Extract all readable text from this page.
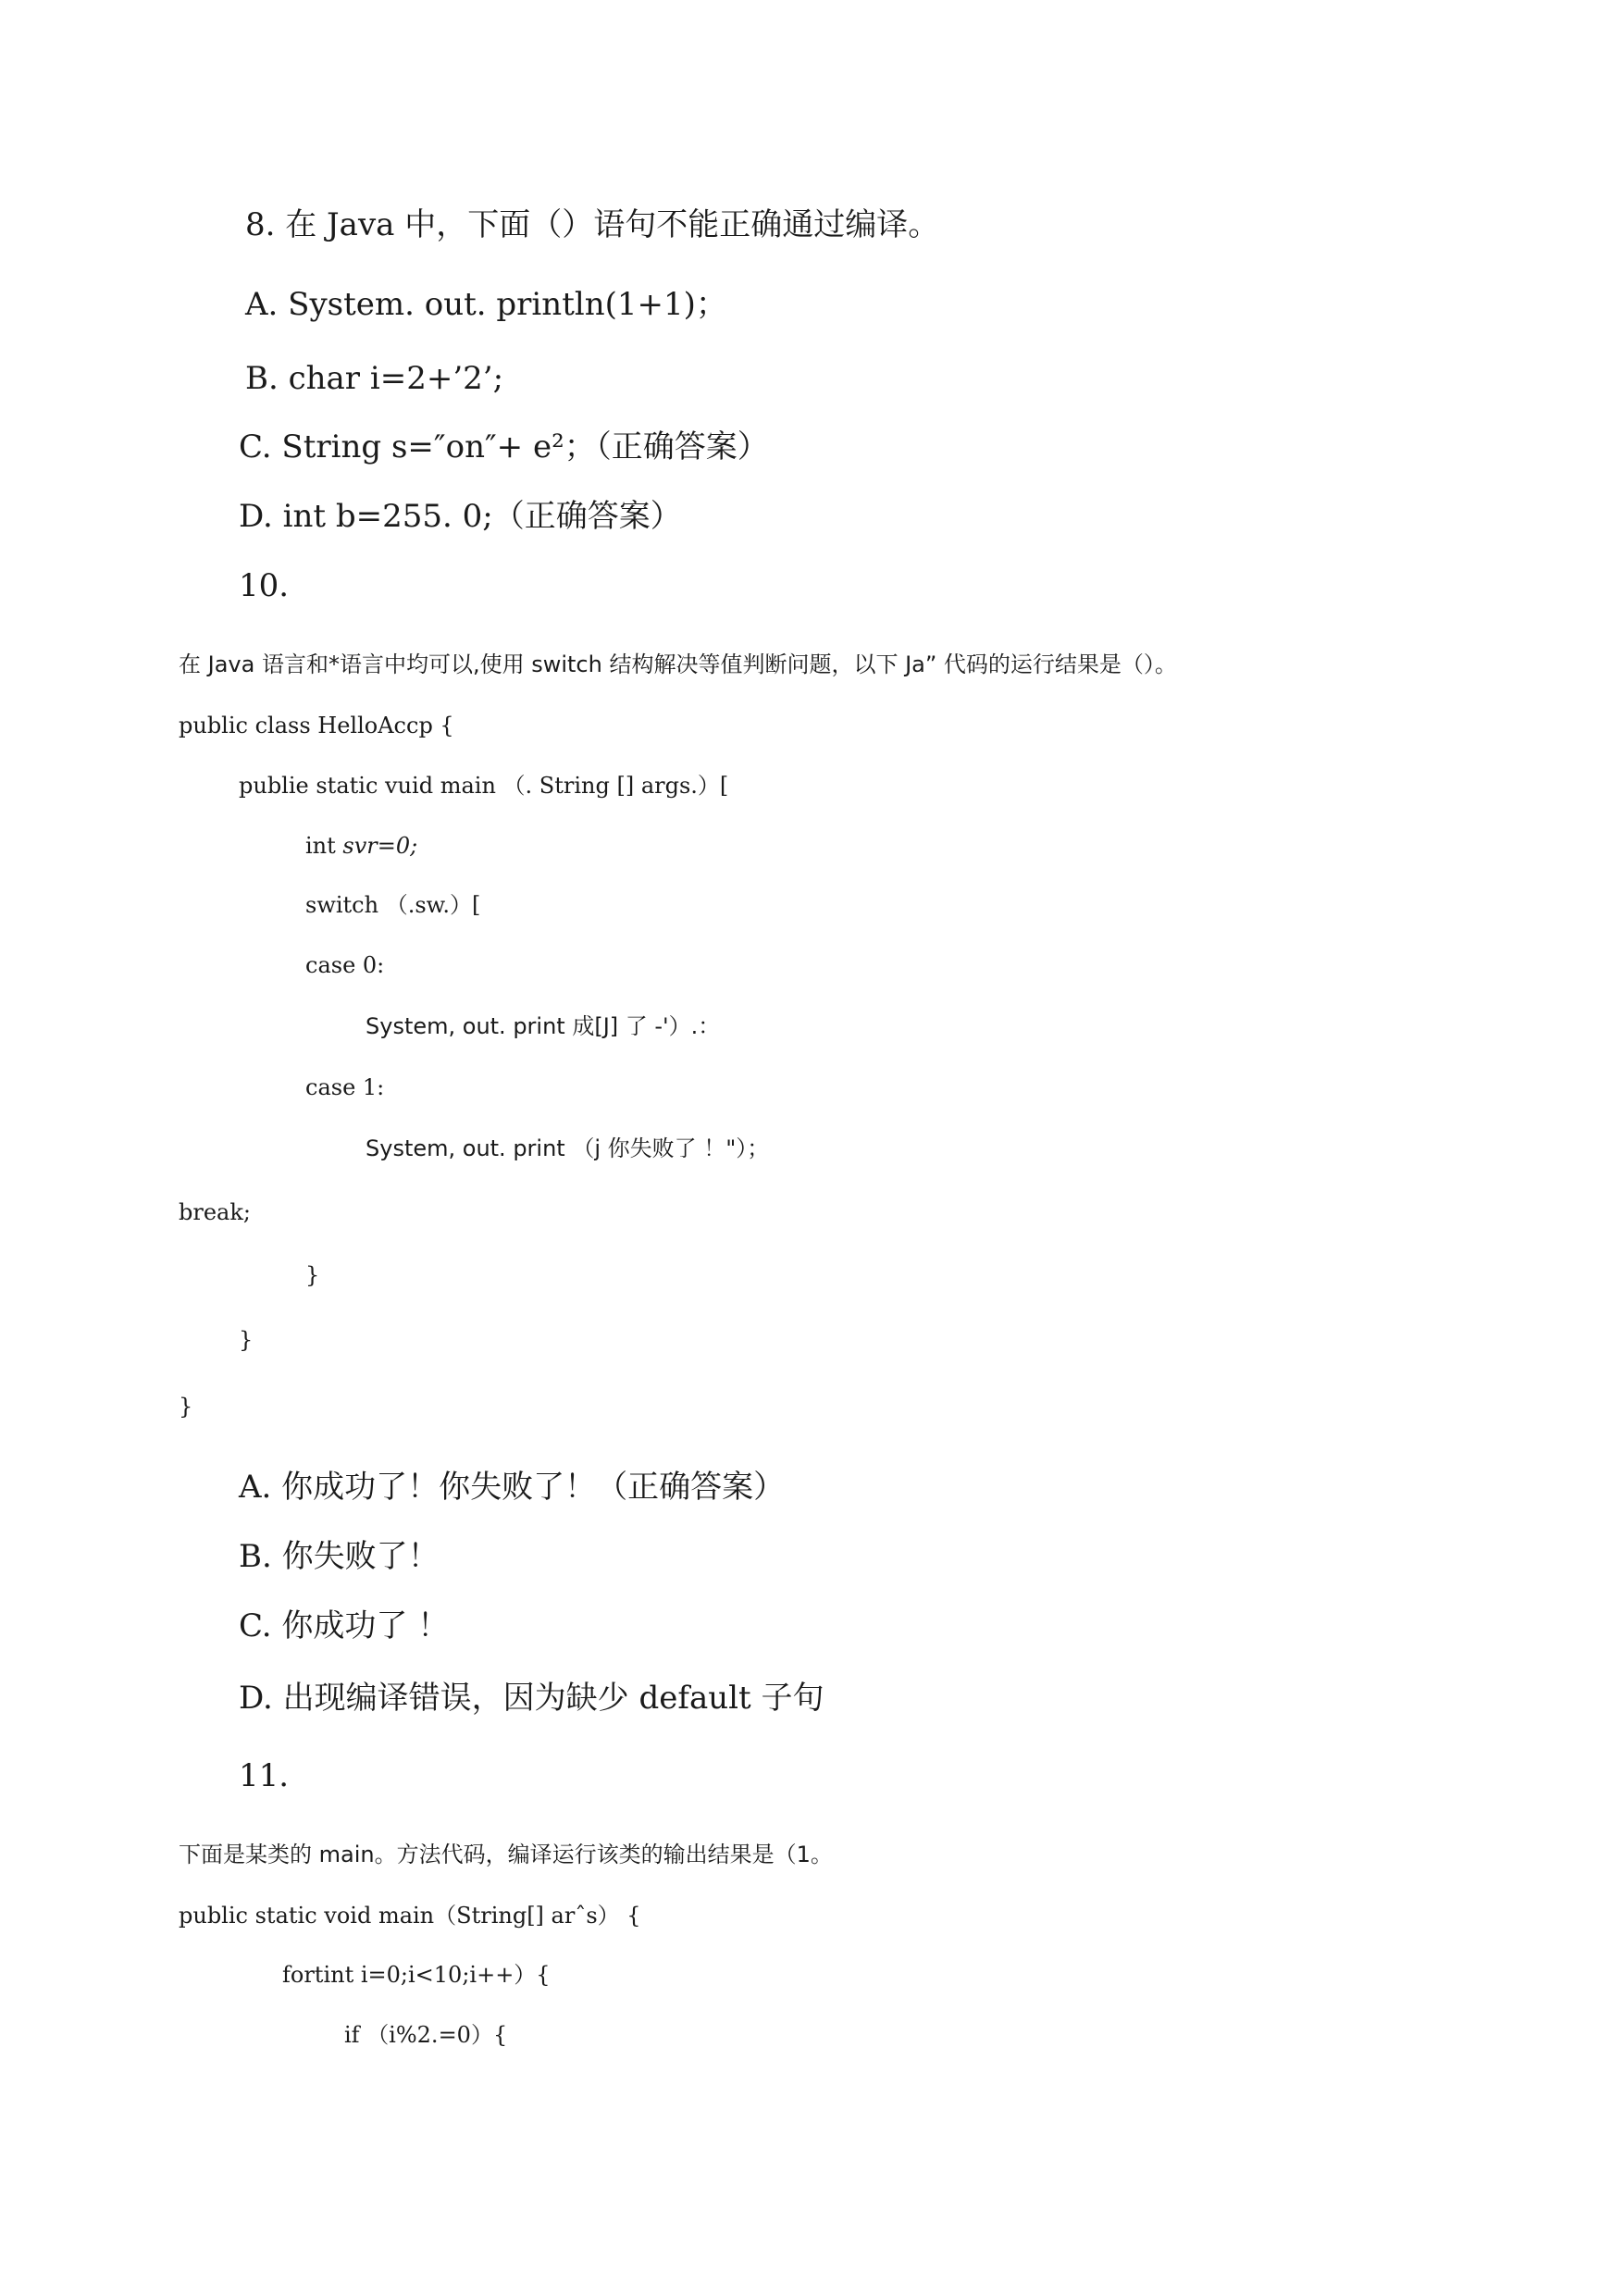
8. 在 Java 中，下面（）语句不能正确通过编译。
A. System. out. println(1+1)；
B. char i=2+’2’;
C. String s=″on″+ e²；（正确答案）
D. int b=255. 0;（正确答案）
10.
在 Java 语言和*语言中均可以,使用 switch 结构解决等值判断问题，以下 Ja” 代码的运行结果是（）。
public class HelloAccp {
publie static vuid main （. String [] args.）[
int svr=0;
switch （.sw.）[
case 0:
System, out. print 成[J] 了 -'）.：
case 1:
System, out. print （j 你失败了 ！"）；
break;
}
}
}
A. 你成功了！你失败了！（正确答案）
B. 你失败了！
C. 你成功了 ！
D. 出现编译错误，因为缺少 default 子句
11.
下面是某类的 main。方法代码，编译运行该类的输出结果是（1。
public static void main（String[] arˆs） {
fortint i=0;i<10;i++）{
if （i%2.=0）{
